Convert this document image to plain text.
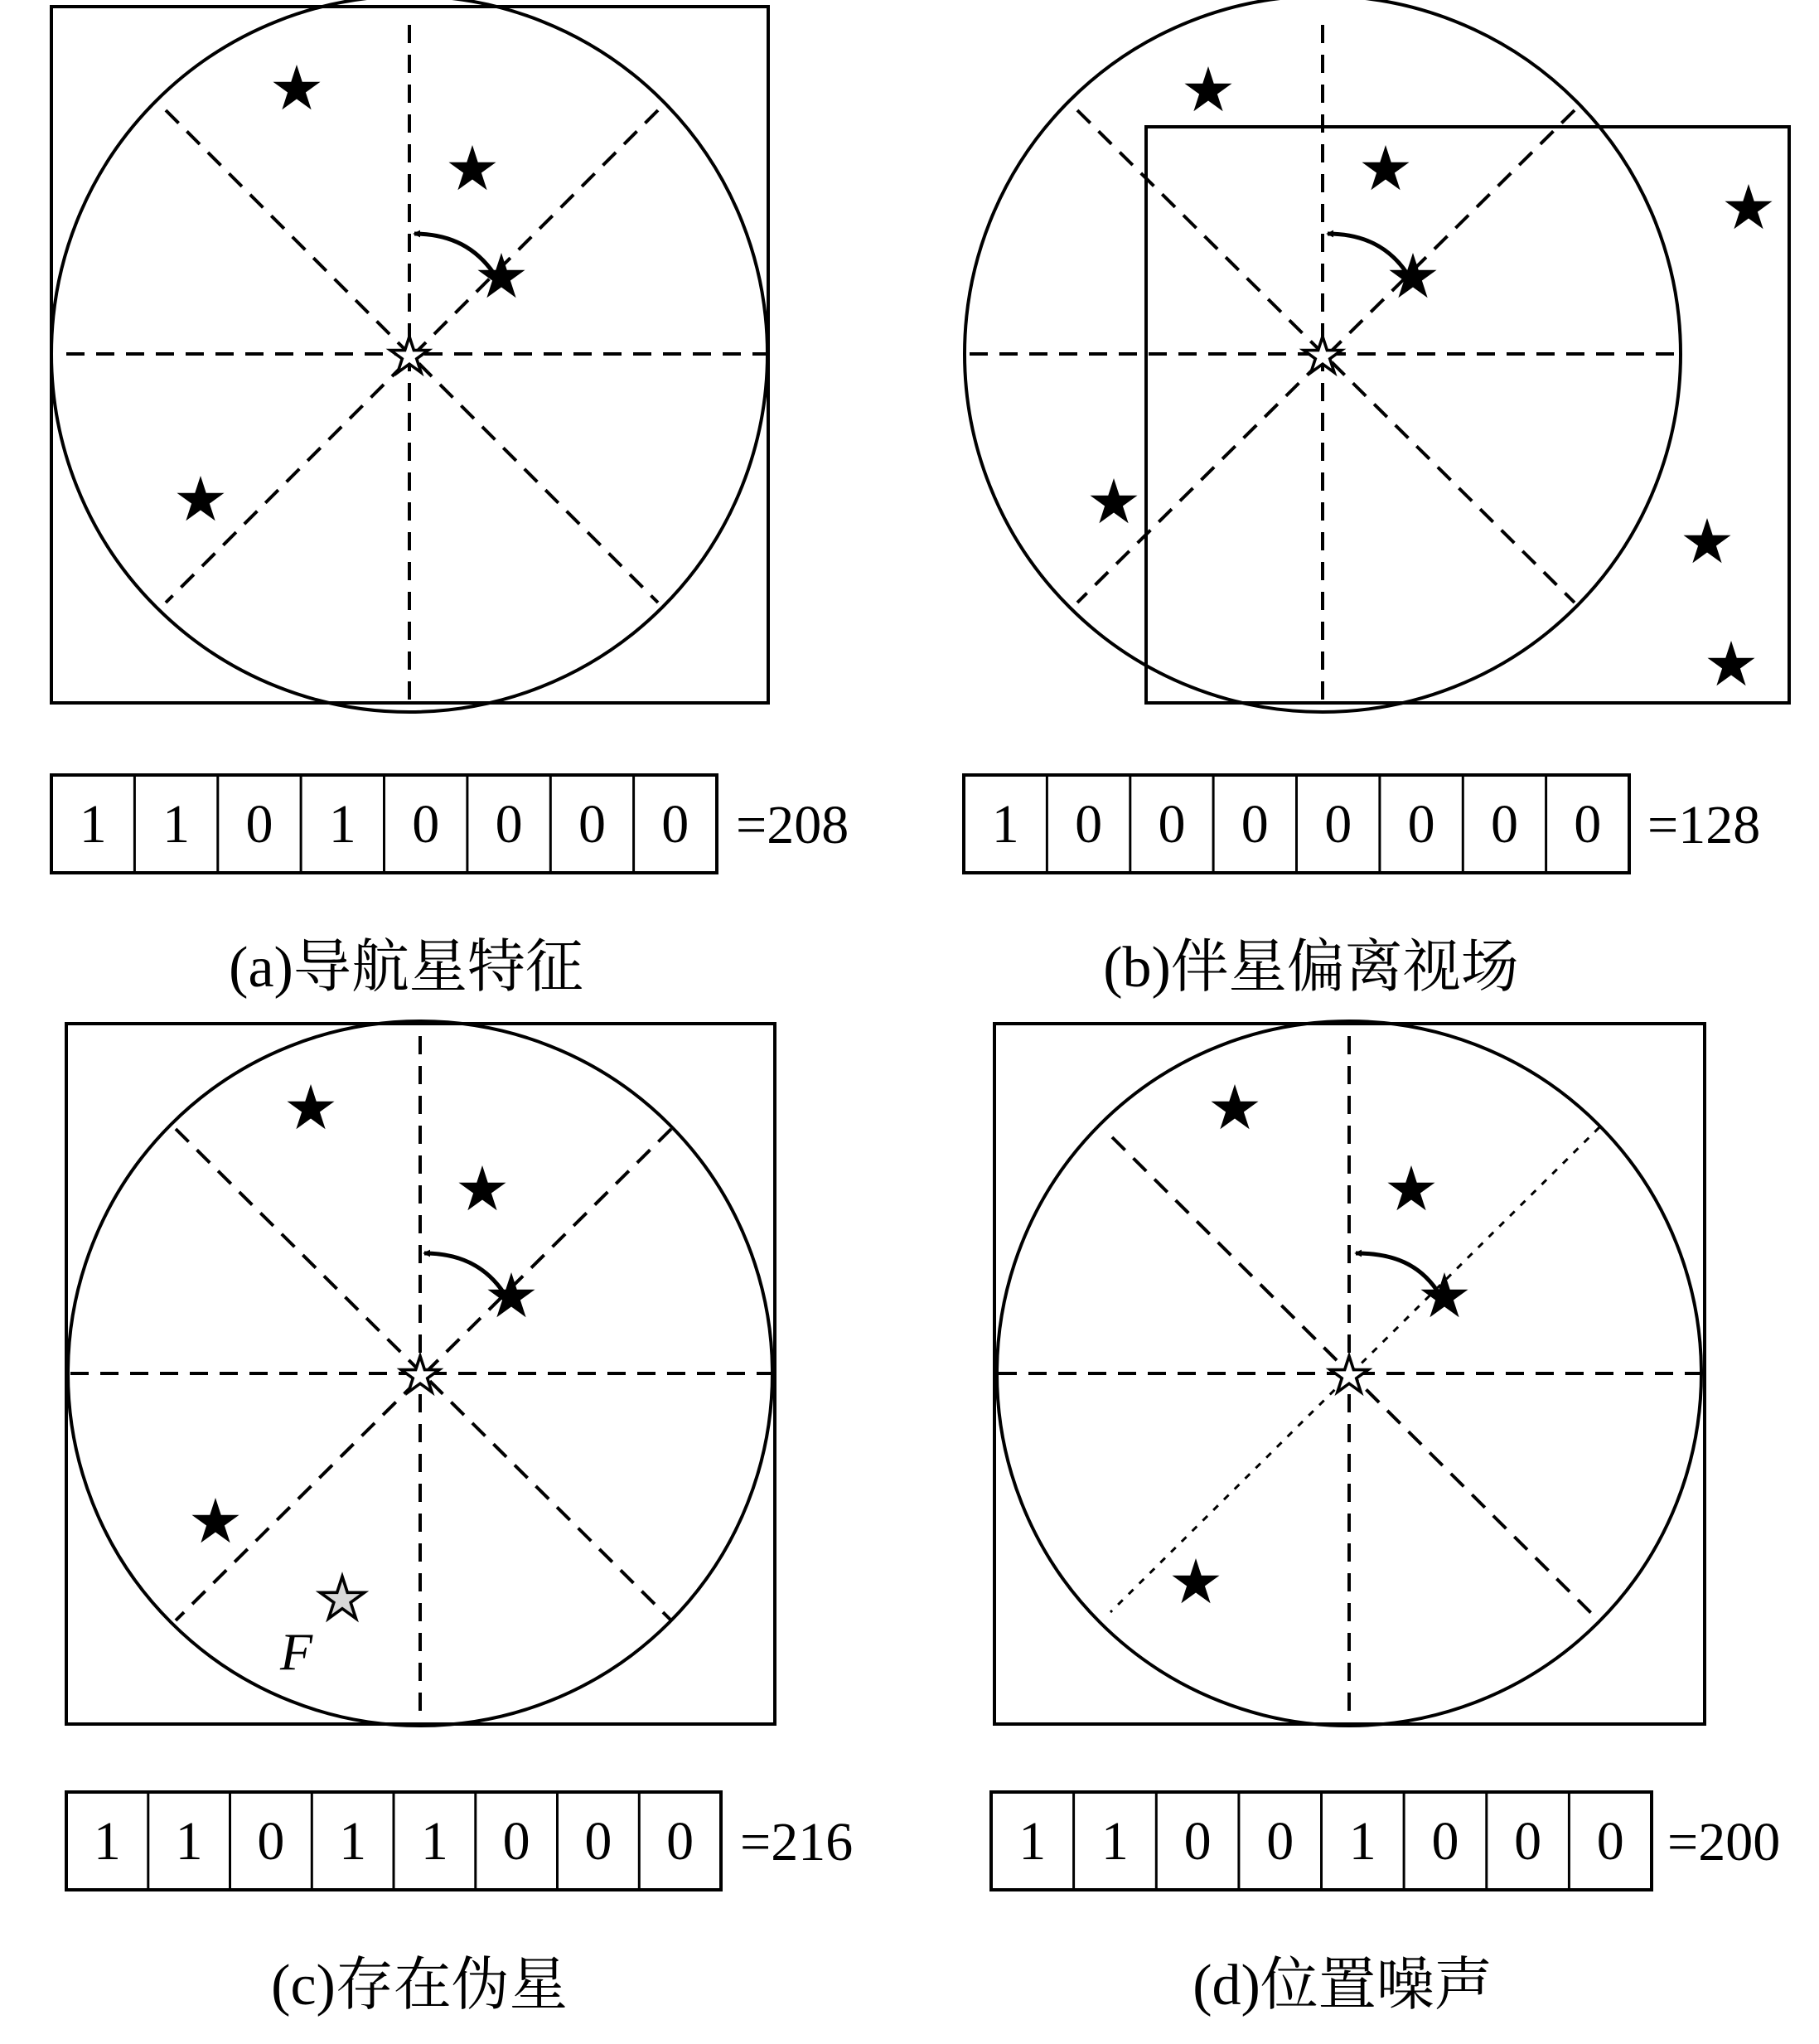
1 1 0 1 0 0 0 0 =208
(a)导航星特征
1 0 0 0 0 0 0 0 =128
(b)伴星偏离视场
F
1 1 0 1 1 0 0 0 =216
(c)存在伪星
1 1 0 0 1 0 0 0 =200
(d)位置噪声
